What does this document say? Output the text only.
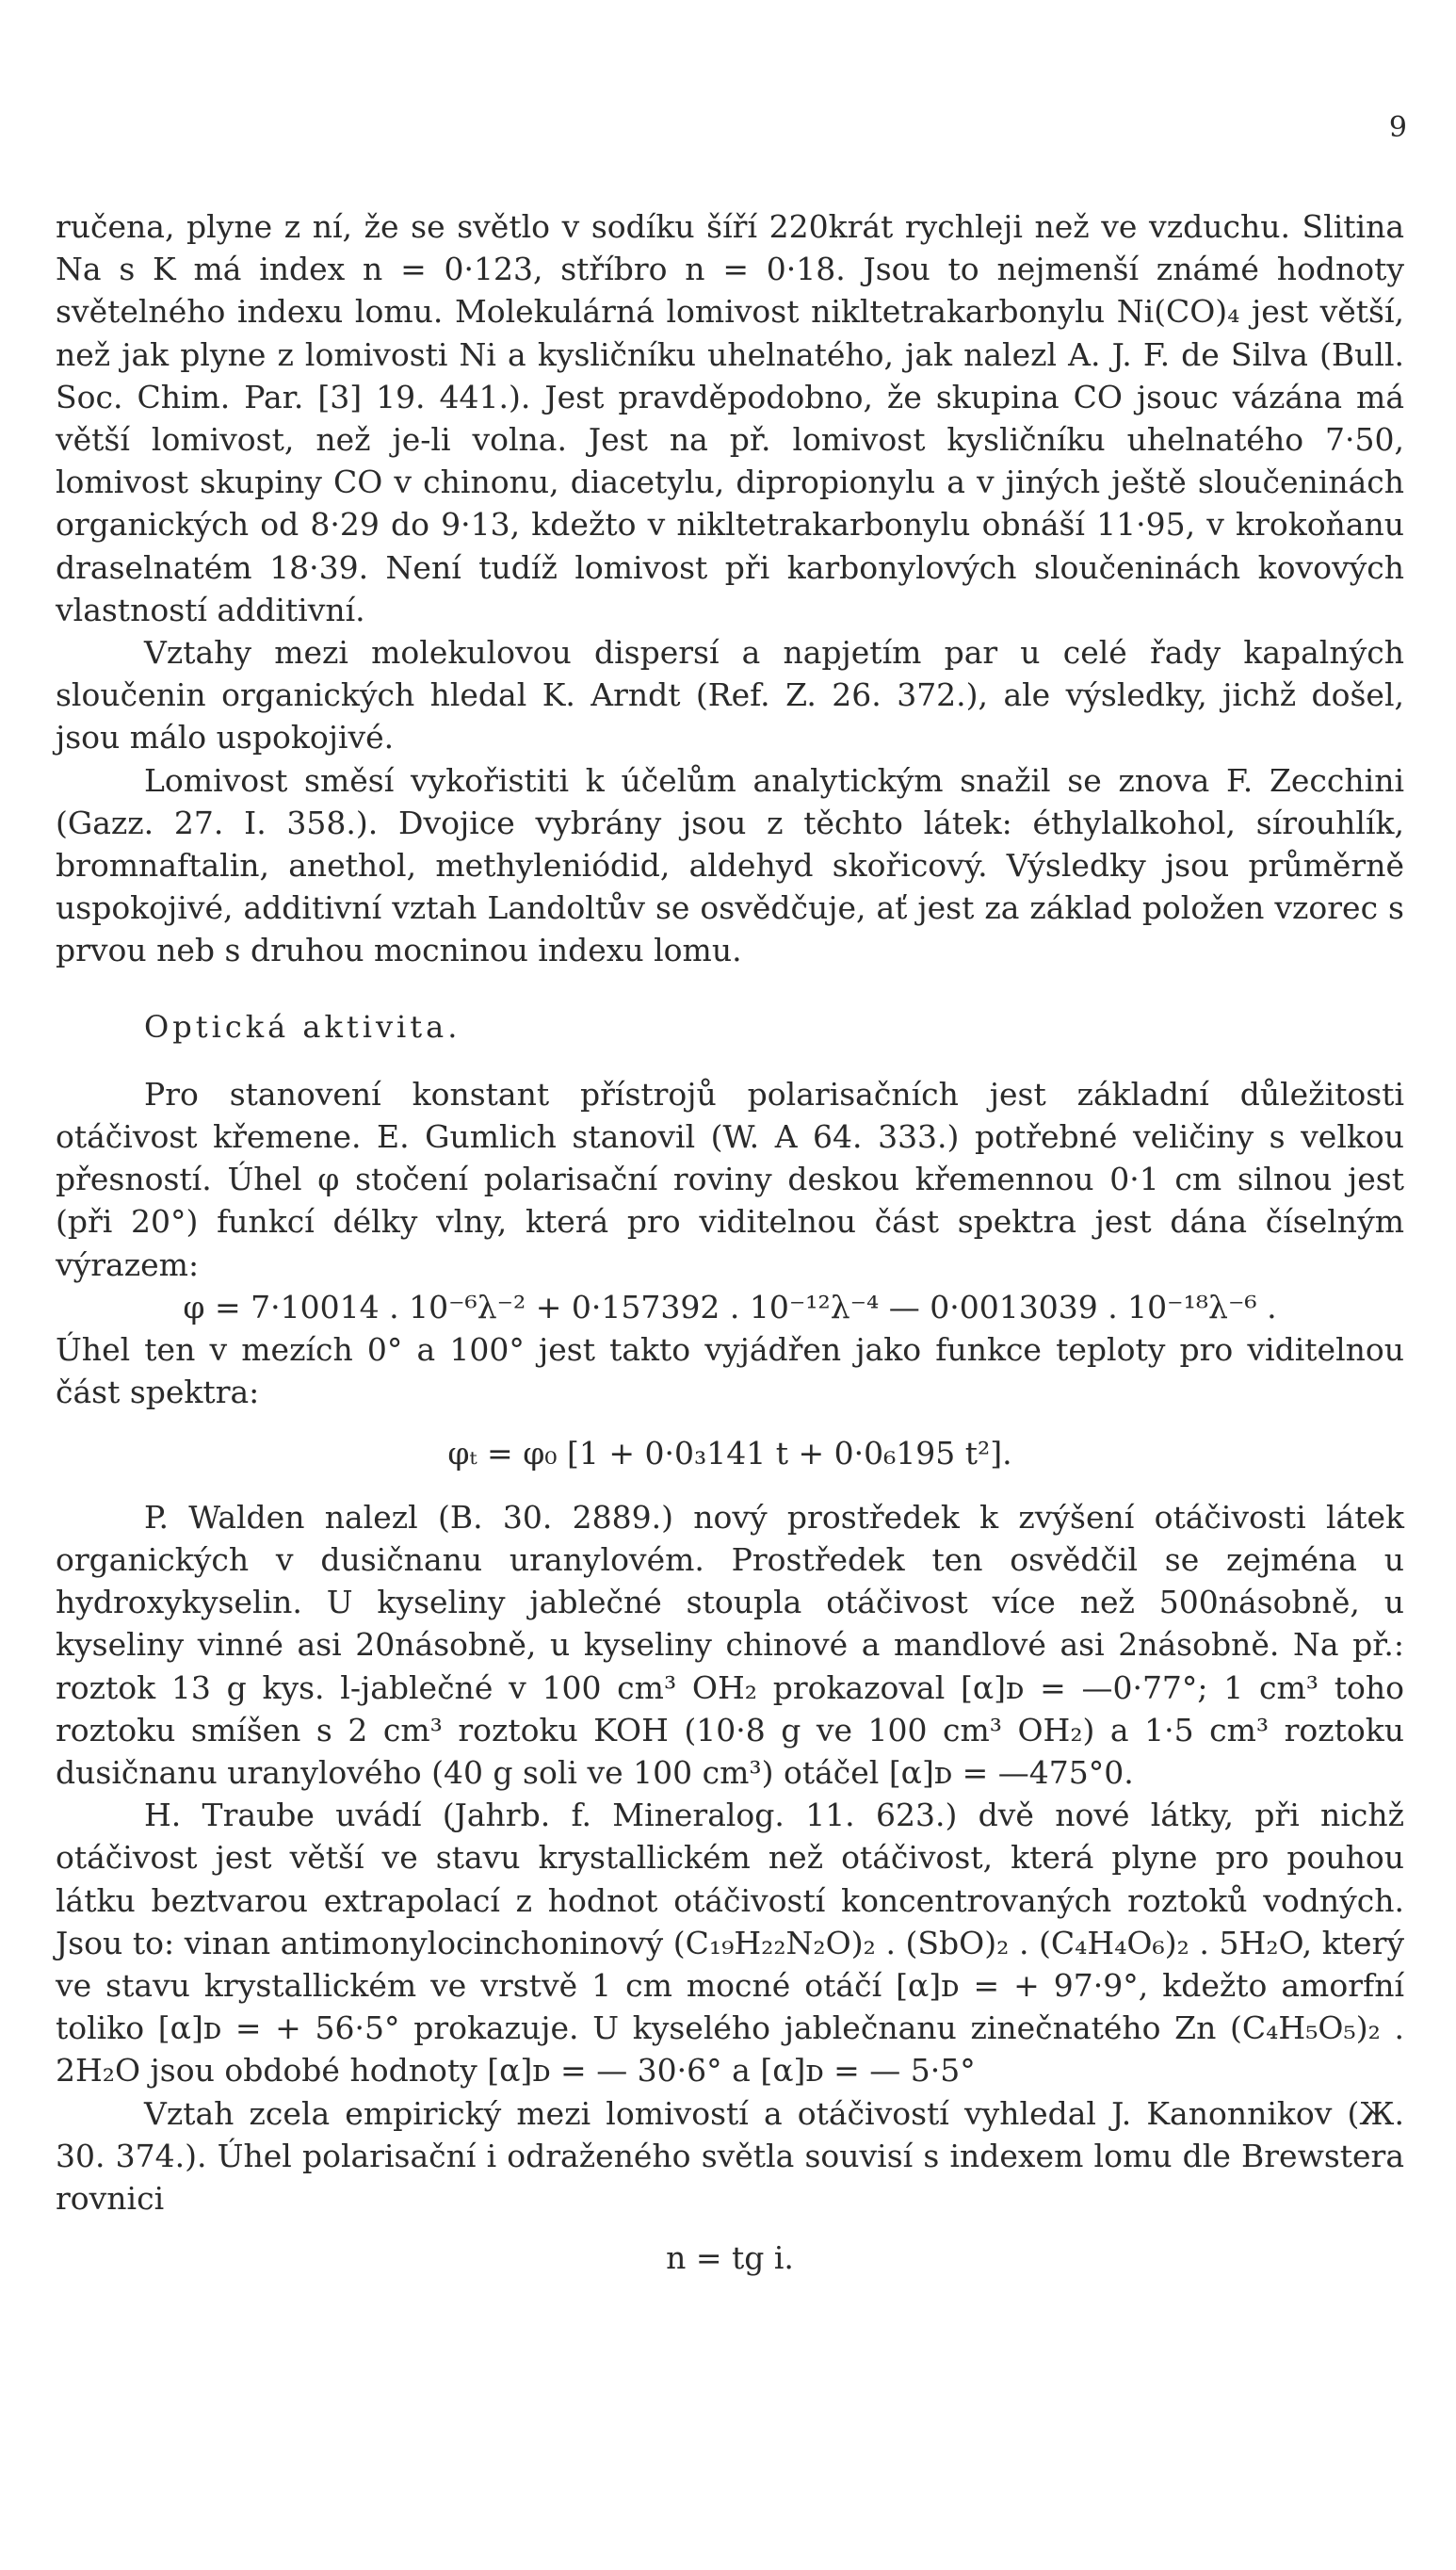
9

ručena, plyne z ní, že se světlo v sodíku šíří 220krát rychleji než ve vzduchu. Slitina Na s K má index n = 0·123, stříbro n = 0·18. Jsou to nejmenší známé hodnoty světelného indexu lomu. Molekulárná lomivost nikltetrakarbonylu Ni(CO)₄ jest větší, než jak plyne z lomivosti Ni a kysličníku uhelnatého, jak nalezl A. J. F. de Silva (Bull. Soc. Chim. Par. [3] 19. 441.). Jest pravděpodobno, že skupina CO jsouc vázána má větší lomivost, než je-li volna. Jest na př. lomivost kysličníku uhelnatého 7·50, lomivost skupiny CO v chinonu, diacetylu, dipropionylu a v jiných ještě sloučeninách organických od 8·29 do 9·13, kdežto v nikltetrakarbonylu obnáší 11·95, v krokoňanu draselnatém 18·39. Není tudíž lomivost při karbonylových sloučeninách kovových vlastností additivní.

Vztahy mezi molekulovou dispersí a napjetím par u celé řady kapalných sloučenin organických hledal K. Arndt (Ref. Z. 26. 372.), ale výsledky, jichž došel, jsou málo uspokojivé.

Lomivost směsí vykořistiti k účelům analytickým snažil se znova F. Zecchini (Gazz. 27. I. 358.). Dvojice vybrány jsou z těchto látek: éthylalkohol, sírouhlík, bromnaftalin, anethol, methyleniódid, aldehyd skořicový. Výsledky jsou průměrně uspokojivé, additivní vztah Landoltův se osvědčuje, ať jest za základ položen vzorec s prvou neb s druhou mocninou indexu lomu.

Optická aktivita.

Pro stanovení konstant přístrojů polarisačních jest základní důležitosti otáčivost křemene. E. Gumlich stanovil (W. A 64. 333.) potřebné veličiny s velkou přesností. Úhel φ stočení polarisační roviny deskou křemennou 0·1 cm silnou jest (při 20°) funkcí délky vlny, která pro viditelnou část spektra jest dána číselným výrazem:

φ = 7·10014 . 10⁻⁶λ⁻² + 0·157392 . 10⁻¹²λ⁻⁴ — 0·0013039 . 10⁻¹⁸λ⁻⁶ .

Úhel ten v mezích 0° a 100° jest takto vyjádřen jako funkce teploty pro viditelnou část spektra:

φₜ = φ₀ [1 + 0·0₃141 t + 0·0₆195 t²].

P. Walden nalezl (B. 30. 2889.) nový prostředek k zvýšení otáčivosti látek organických v dusičnanu uranylovém. Prostředek ten osvědčil se zejména u hydroxykyselin. U kyseliny jablečné stoupla otáčivost více než 500násobně, u kyseliny vinné asi 20násobně, u kyseliny chinové a mandlové asi 2násobně. Na př.: roztok 13 g kys. l-jablečné v 100 cm³ OH₂ prokazoval [α]ᴅ = —0·77°; 1 cm³ toho roztoku smíšen s 2 cm³ roztoku KOH (10·8 g ve 100 cm³ OH₂) a 1·5 cm³ roztoku dusičnanu uranylového (40 g soli ve 100 cm³) otáčel [α]ᴅ = —475°0.

H. Traube uvádí (Jahrb. f. Mineralog. 11. 623.) dvě nové látky, při nichž otáčivost jest větší ve stavu krystallickém než otáčivost, která plyne pro pouhou látku beztvarou extrapolací z hodnot otáčivostí koncentrovaných roztoků vodných. Jsou to: vinan antimonylocinchoninový (C₁₉H₂₂N₂O)₂ . (SbO)₂ . (C₄H₄O₆)₂ . 5H₂O, který ve stavu krystallickém ve vrstvě 1 cm mocné otáčí [α]ᴅ = + 97·9°, kdežto amorfní toliko [α]ᴅ = + 56·5° prokazuje. U kyselého jablečnanu zinečnatého Zn (C₄H₅O₅)₂ . 2H₂O jsou obdobé hodnoty [α]ᴅ = — 30·6° a [α]ᴅ = — 5·5°

Vztah zcela empirický mezi lomivostí a otáčivostí vyhledal J. Kanonnikov (Ж. 30. 374.). Úhel polarisační i odraženého světla souvisí s indexem lomu dle Brewstera rovnici

n = tg i.
